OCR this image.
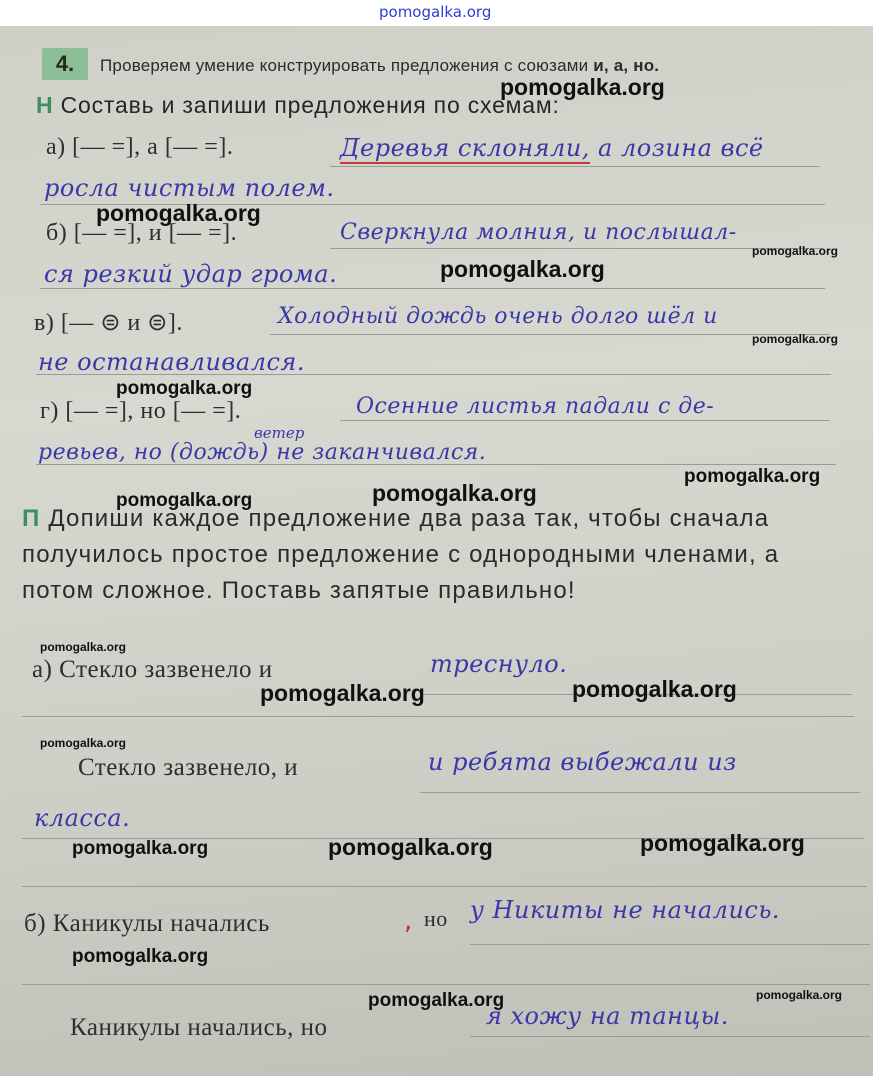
pomogalka.org
4.	Проверяем умение конструировать предложения с союзами и, а, но.
Н Составь и запиши предложения по схемам:
а) [— =], а [— =].	Деревья склоняли, а лозина всё
росла чистым полем.
б) [— =], и [— =].	Сверкнула молния, и послышал-
ся резкий удар грома.
в) [— ⊜ и ⊜].	Холодный дождь очень долго шёл и
не останавливался.
г) [— =], но [— =].	Осенние листья падали с де-
ветер
ревьев, но (дождь) не заканчивался.
П Допиши каждое предложение два раза так, чтобы сначала получилось простое предложение с однородными членами, а потом сложное. Поставь запятые правильно!
а) Стекло зазвенело и	треснуло.
Стекло зазвенело, и	и ребята выбежали из
класса.
б) Каникулы начались	, но у Никиты не начались.
Каникулы начались, но	я хожу на танцы.
pomogalka.org
pomogalka.org
pomogalka.org
pomogalka.org
pomogalka.org
pomogalka.org
pomogalka.org
pomogalka.org
pomogalka.org
pomogalka.org
pomogalka.org
pomogalka.org
pomogalka.org
pomogalka.org
pomogalka.org
pomogalka.org
pomogalka.org
pomogalka.org	pomogalka.org
